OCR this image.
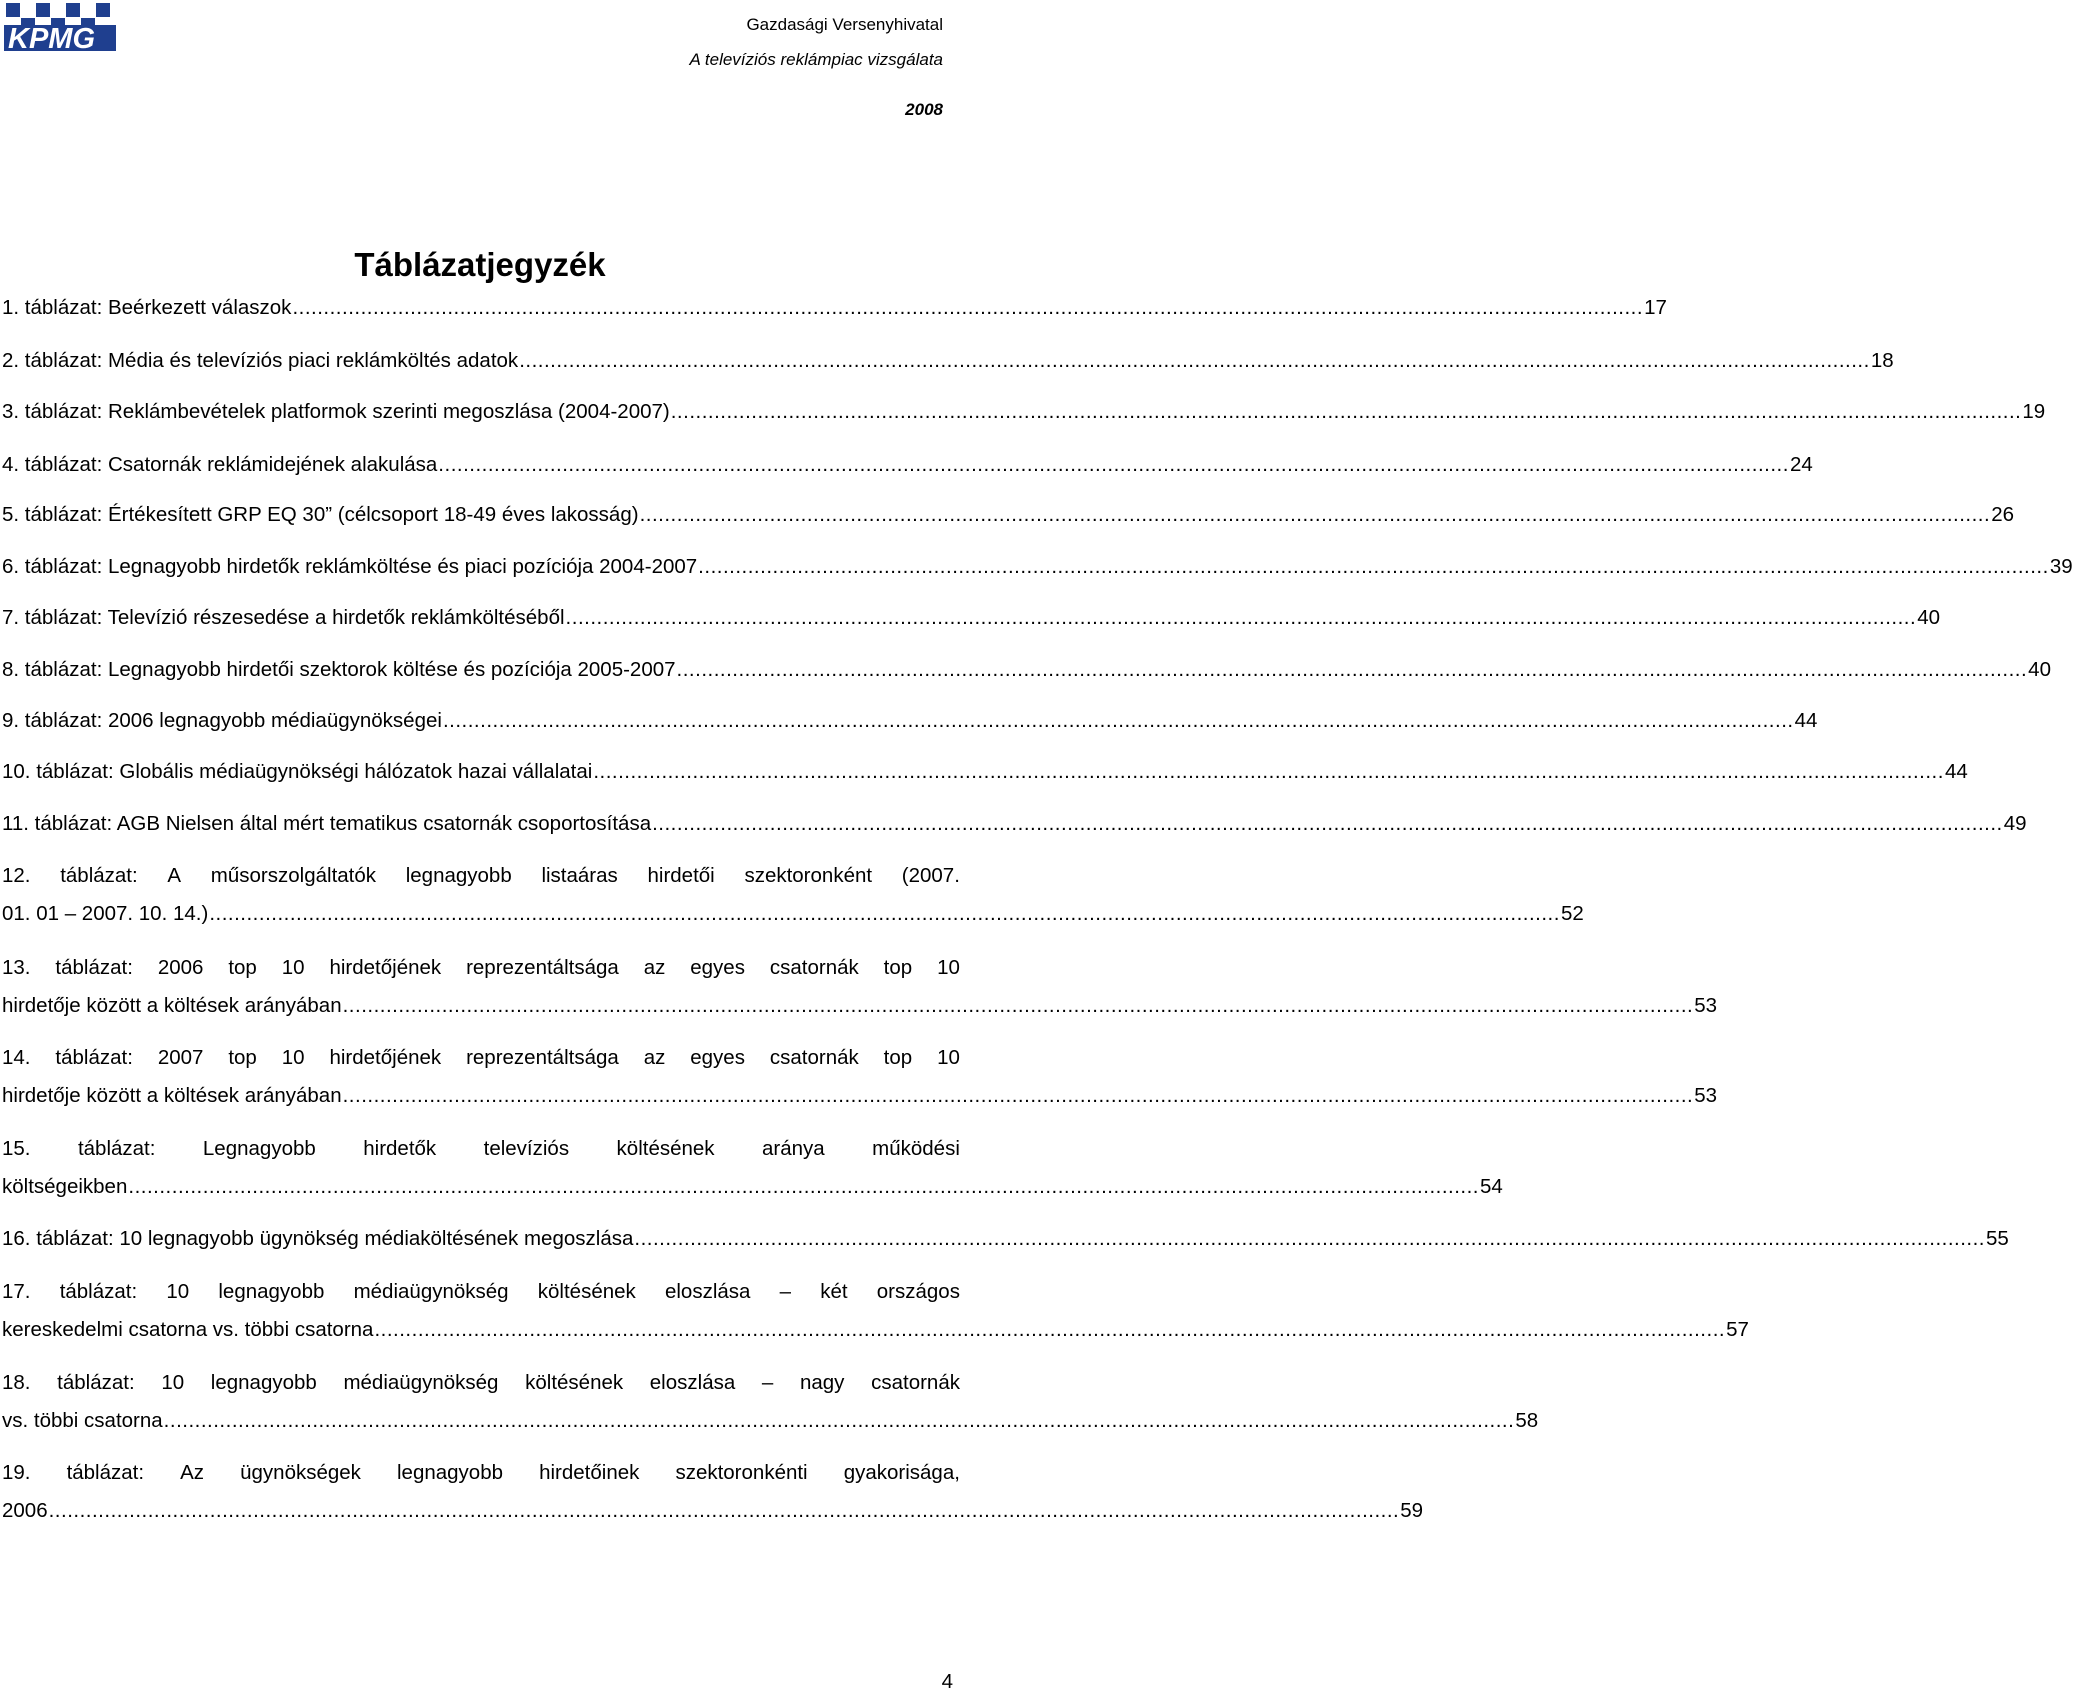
KPMG	Gazdasági Versenyhivatal
A televíziós reklámpiac vizsgálata
2008
Táblázatjegyzék
1. táblázat: Beérkezett válaszok .......................................................................................................................................................................................................................... 17
2. táblázat: Média és televíziós piaci reklámköltés adatok .......................................................................................................................................................................................................................... 18
3. táblázat: Reklámbevételek platformok szerinti megoszlása (2004-2007) .......................................................................................................................................................................................................................... 19
4. táblázat: Csatornák reklámidejének alakulása .......................................................................................................................................................................................................................... 24
5. táblázat: Értékesített GRP EQ 30” (célcsoport 18-49 éves lakosság) .......................................................................................................................................................................................................................... 26
6. táblázat: Legnagyobb hirdetők reklámköltése és piaci pozíciója 2004-2007 .......................................................................................................................................................................................................................... 39
7. táblázat: Televízió részesedése a hirdetők reklámköltéséből .......................................................................................................................................................................................................................... 40
8. táblázat: Legnagyobb hirdetői szektorok költése és pozíciója 2005-2007 .......................................................................................................................................................................................................................... 40
9. táblázat: 2006 legnagyobb médiaügynökségei .......................................................................................................................................................................................................................... 44
10. táblázat: Globális médiaügynökségi hálózatok hazai vállalatai .......................................................................................................................................................................................................................... 44
11. táblázat: AGB Nielsen által mért tematikus csatornák csoportosítása .......................................................................................................................................................................................................................... 49
12. táblázat: A műsorszolgáltatók legnagyobb listaáras hirdetői szektoronként (2007.
01. 01 – 2007. 10. 14.) .......................................................................................................................................................................................................................... 52
13. táblázat: 2006 top 10 hirdetőjének reprezentáltsága az egyes csatornák top 10
hirdetője között a költések arányában .......................................................................................................................................................................................................................... 53
14. táblázat: 2007 top 10 hirdetőjének reprezentáltsága az egyes csatornák top 10
hirdetője között a költések arányában .......................................................................................................................................................................................................................... 53
15. táblázat: Legnagyobb hirdetők televíziós költésének aránya működési
költségeikben .......................................................................................................................................................................................................................... 54
16. táblázat: 10 legnagyobb ügynökség médiaköltésének megoszlása .......................................................................................................................................................................................................................... 55
17. táblázat: 10 legnagyobb médiaügynökség költésének eloszlása – két országos
kereskedelmi csatorna vs. többi csatorna .......................................................................................................................................................................................................................... 57
18. táblázat: 10 legnagyobb médiaügynökség költésének eloszlása – nagy csatornák
vs. többi csatorna .......................................................................................................................................................................................................................... 58
19. táblázat: Az ügynökségek legnagyobb hirdetőinek szektoronkénti gyakorisága,
2006 .......................................................................................................................................................................................................................... 59
4
